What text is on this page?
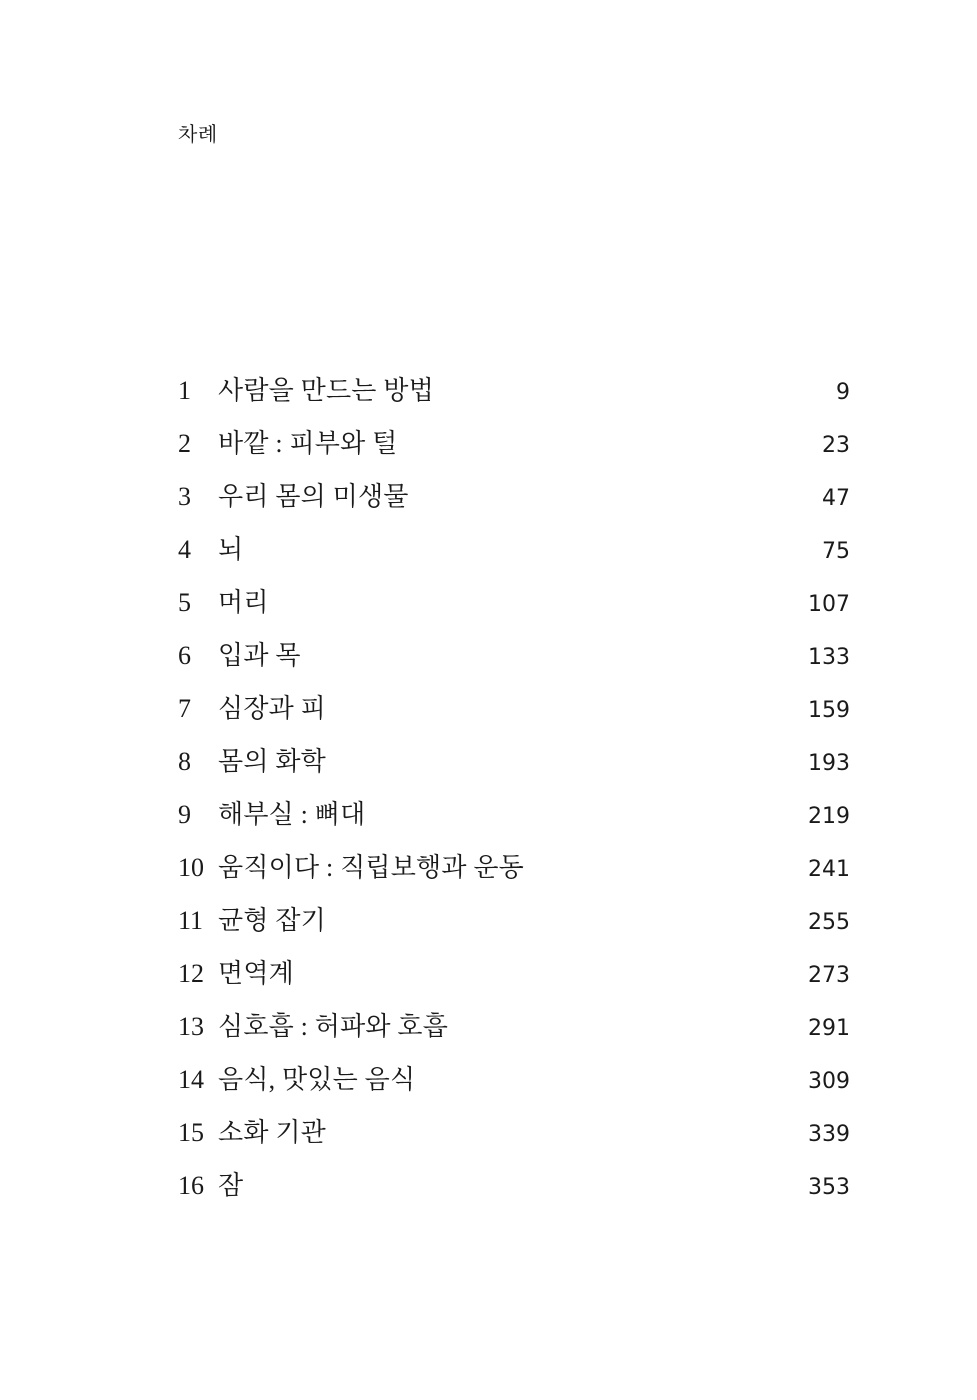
차례
1	사람을 만드는 방법	9
2	바깥 : 피부와 털	23
3	우리 몸의 미생물	47
4	뇌	75
5	머리	107
6	입과 목	133
7	심장과 피	159
8	몸의 화학	193
9	해부실 : 뼈대	219
10 움직이다 : 직립보행과 운동	241
11 균형 잡기	255
12 면역계	273
13 심호흡 : 허파와 호흡	291
14 음식, 맛있는 음식	309
15 소화 기관	339
16 잠	353
